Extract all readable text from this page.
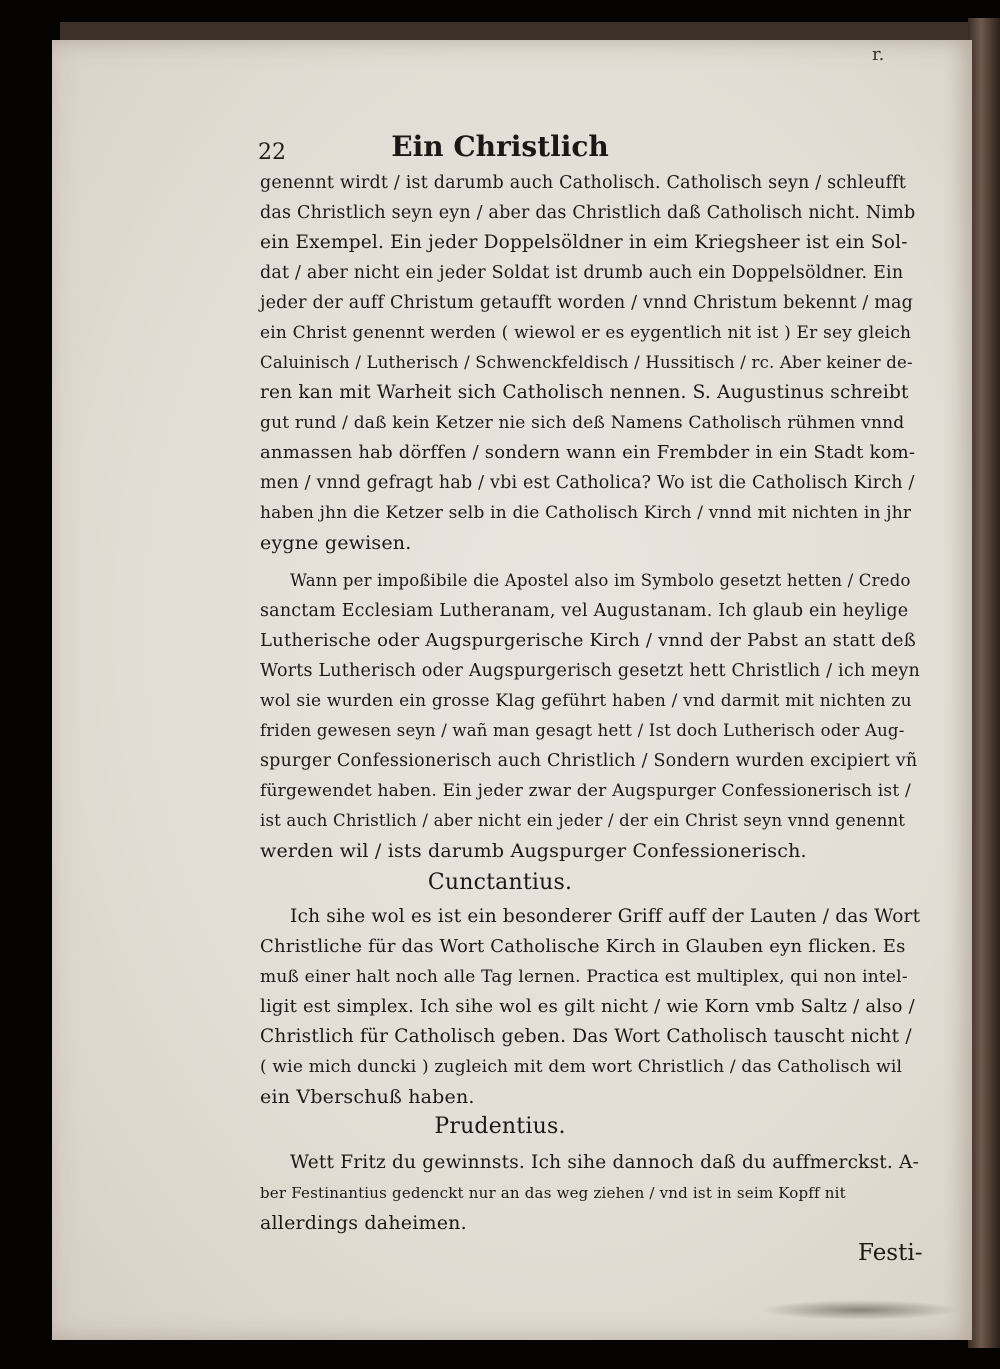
r.
22	Ein Christlich
genennt wirdt / ist darumb auch Catholisch. Catholisch seyn / schleufft
das Christlich seyn eyn / aber das Christlich daß Catholisch nicht. Nimb
ein Exempel. Ein jeder Doppelsöldner in eim Kriegsheer ist ein Sol-
dat / aber nicht ein jeder Soldat ist drumb auch ein Doppelsöldner. Ein
jeder der auff Christum getaufft worden / vnnd Christum bekennt / mag
ein Christ genennt werden ( wiewol er es eygentlich nit ist ) Er sey gleich
Caluinisch / Lutherisch / Schwenckfeldisch / Hussitisch / rc. Aber keiner de-
ren kan mit Warheit sich Catholisch nennen. S. Augustinus schreibt
gut rund / daß kein Ketzer nie sich deß Namens Catholisch rühmen vnnd
anmassen hab dörffen / sondern wann ein Frembder in ein Stadt kom-
men / vnnd gefragt hab / vbi est Catholica? Wo ist die Catholisch Kirch /
haben jhn die Ketzer selb in die Catholisch Kirch / vnnd mit nichten in jhr
eygne gewisen.
Wann per impoßibile die Apostel also im Symbolo gesetzt hetten / Credo
sanctam Ecclesiam Lutheranam, vel Augustanam. Ich glaub ein heylige
Lutherische oder Augspurgerische Kirch / vnnd der Pabst an statt deß
Worts Lutherisch oder Augspurgerisch gesetzt hett Christlich / ich meyn
wol sie wurden ein grosse Klag geführt haben / vnd darmit mit nichten zu
friden gewesen seyn / wañ man gesagt hett / Ist doch Lutherisch oder Aug-
spurger Confessionerisch auch Christlich / Sondern wurden excipiert vñ
fürgewendet haben. Ein jeder zwar der Augspurger Confessionerisch ist /
ist auch Christlich / aber nicht ein jeder / der ein Christ seyn vnnd genennt
werden wil / ists darumb Augspurger Confessionerisch.
Cunctantius.
Ich sihe wol es ist ein besonderer Griff auff der Lauten / das Wort
Christliche für das Wort Catholische Kirch in Glauben eyn flicken. Es
muß einer halt noch alle Tag lernen. Practica est multiplex, qui non intel-
ligit est simplex. Ich sihe wol es gilt nicht / wie Korn vmb Saltz / also /
Christlich für Catholisch geben. Das Wort Catholisch tauscht nicht /
( wie mich duncki ) zugleich mit dem wort Christlich / das Catholisch wil
ein Vberschuß haben.
Prudentius.
Wett Fritz du gewinnsts. Ich sihe dannoch daß du auffmerckst. A-
ber Festinantius gedenckt nur an das weg ziehen / vnd ist in seim Kopff nit
allerdings daheimen.
Festi-
